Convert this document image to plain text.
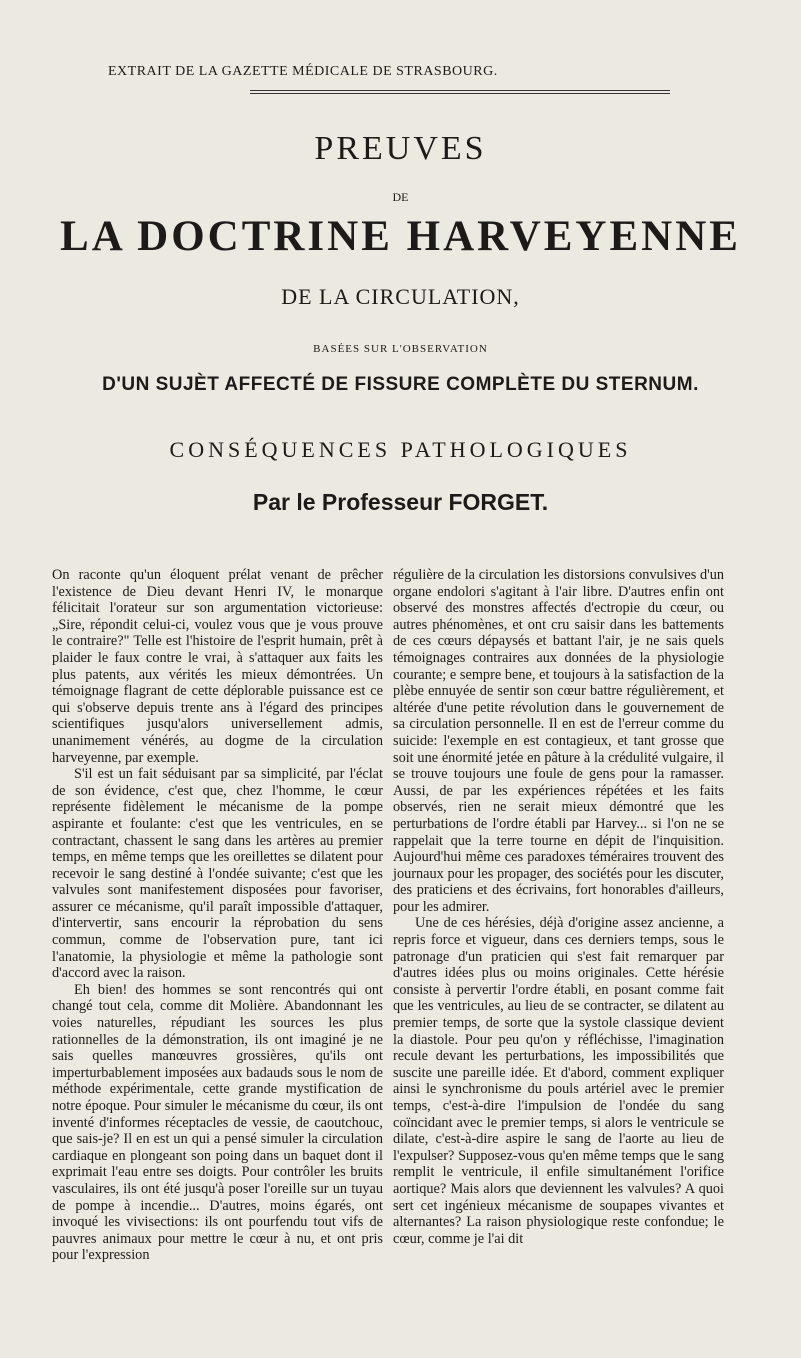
EXTRAIT DE LA GAZETTE MÉDICALE DE STRASBOURG.
PREUVES
DE
LA DOCTRINE HARVEYENNE
DE LA CIRCULATION,
BASÉES SUR L'OBSERVATION
D'UN SUJÈT AFFECTÉ DE FISSURE COMPLÈTE DU STERNUM.
CONSÉQUENCES PATHOLOGIQUES
Par le Professeur FORGET.

On raconte qu'un éloquent prélat venant de prêcher l'existence de Dieu devant Henri IV, le monarque félicitait l'orateur sur son argumentation victorieuse: „Sire, répondit celui-ci, voulez vous que je vous prouve le contraire?" Telle est l'histoire de l'esprit humain, prêt à plaider le faux contre le vrai, à s'attaquer aux faits les plus patents, aux vérités les mieux démontrées. Un témoignage flagrant de cette déplorable puissance est ce qui s'observe depuis trente ans à l'égard des principes scientifiques jusqu'alors universellement admis, unanimement vénérés, au dogme de la circulation harveyenne, par exemple.

S'il est un fait séduisant par sa simplicité, par l'éclat de son évidence, c'est que, chez l'homme, le cœur représente fidèlement le mécanisme de la pompe aspirante et foulante: c'est que les ventricules, en se contractant, chassent le sang dans les artères au premier temps, en même temps que les oreillettes se dilatent pour recevoir le sang destiné à l'ondée suivante; c'est que les valvules sont manifestement disposées pour favoriser, assurer ce mécanisme, qu'il paraît impossible d'attaquer, d'intervertir, sans encourir la réprobation du sens commun, comme de l'observation pure, tant ici l'anatomie, la physiologie et même la pathologie sont d'accord avec la raison.

Eh bien! des hommes se sont rencontrés qui ont changé tout cela, comme dit Molière. Abandonnant les voies naturelles, répudiant les sources les plus rationnelles de la démonstration, ils ont imaginé je ne sais quelles manœuvres grossières, qu'ils ont imperturbablement imposées aux badauds sous le nom de méthode expérimentale, cette grande mystification de notre époque. Pour simuler le mécanisme du cœur, ils ont inventé d'informes réceptacles de vessie, de caoutchouc, que sais-je? Il en est un qui a pensé simuler la circulation cardiaque en plongeant son poing dans un baquet dont il exprimait l'eau entre ses doigts. Pour contrôler les bruits vasculaires, ils ont été jusqu'à poser l'oreille sur un tuyau de pompe à incendie... D'autres, moins égarés, ont invoqué les vivisections: ils ont pourfendu tout vifs de pauvres animaux pour mettre le cœur à nu, et ont pris pour l'expression

régulière de la circulation les distorsions convulsives d'un organe endolori s'agitant à l'air libre. D'autres enfin ont observé des monstres affectés d'ectropie du cœur, ou autres phénomènes, et ont cru saisir dans les battements de ces cœurs dépaysés et battant l'air, je ne sais quels témoignages contraires aux données de la physiologie courante; e sempre bene, et toujours à la satisfaction de la plèbe ennuyée de sentir son cœur battre régulièrement, et altérée d'une petite révolution dans le gouvernement de sa circulation personnelle. Il en est de l'erreur comme du suicide: l'exemple en est contagieux, et tant grosse que soit une énormité jetée en pâture à la crédulité vulgaire, il se trouve toujours une foule de gens pour la ramasser. Aussi, de par les expériences répétées et les faits observés, rien ne serait mieux démontré que les perturbations de l'ordre établi par Harvey... si l'on ne se rappelait que la terre tourne en dépit de l'inquisition. Aujourd'hui même ces paradoxes téméraires trouvent des journaux pour les propager, des sociétés pour les discuter, des praticiens et des écrivains, fort honorables d'ailleurs, pour les admirer.

Une de ces hérésies, déjà d'origine assez ancienne, a repris force et vigueur, dans ces derniers temps, sous le patronage d'un praticien qui s'est fait remarquer par d'autres idées plus ou moins originales. Cette hérésie consiste à pervertir l'ordre établi, en posant comme fait que les ventricules, au lieu de se contracter, se dilatent au premier temps, de sorte que la systole classique devient la diastole. Pour peu qu'on y réfléchisse, l'imagination recule devant les perturbations, les impossibilités que suscite une pareille idée. Et d'abord, comment expliquer ainsi le synchronisme du pouls artériel avec le premier temps, c'est-à-dire l'impulsion de l'ondée du sang coïncidant avec le premier temps, si alors le ventricule se dilate, c'est-à-dire aspire le sang de l'aorte au lieu de l'expulser? Supposez-vous qu'en même temps que le sang remplit le ventricule, il enfile simultanément l'orifice aortique? Mais alors que deviennent les valvules? A quoi sert cet ingénieux mécanisme de soupapes vivantes et alternantes? La raison physiologique reste confondue; le cœur, comme je l'ai dit
